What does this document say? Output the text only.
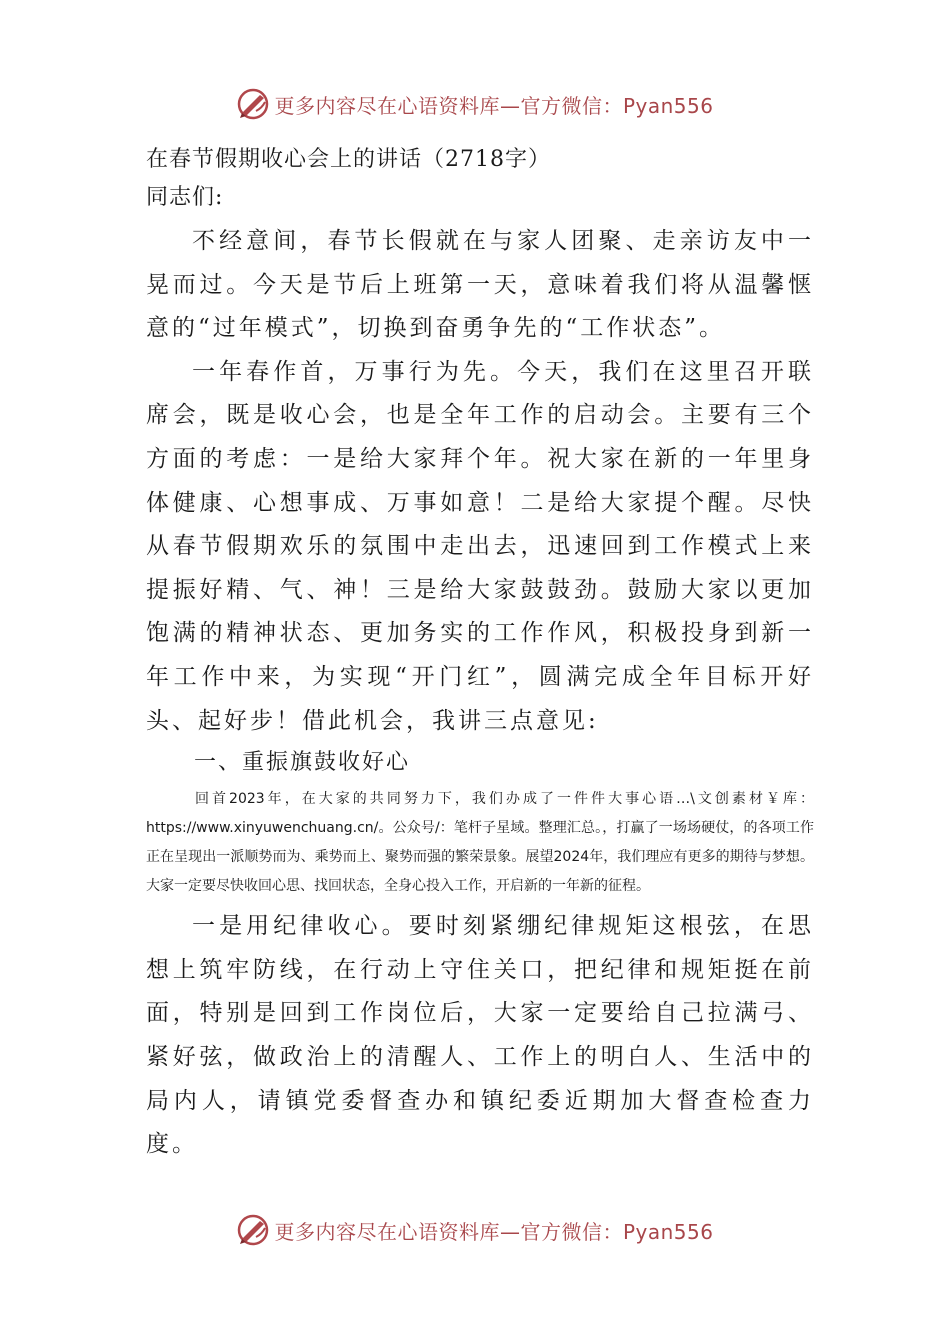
更多内容尽在心语资料库—官方微信：Pyan556
在春节假期收心会上的讲话（2718字）
同志们:

不经意间，春节长假就在与家人团聚、走亲访友中一晃而过。今天是节后上班第一天，意味着我们将从温馨惬意的“过年模式”，切换到奋勇争先的“工作状态”。

一年春作首，万事行为先。今天，我们在这里召开联席会，既是收心会，也是全年工作的启动会。主要有三个方面的考虑：一是给大家拜个年。祝大家在新的一年里身体健康、心想事成、万事如意！二是给大家提个醒。尽快从春节假期欢乐的氛围中走出去，迅速回到工作模式上来提振好精、气、神！三是给大家鼓鼓劲。鼓励大家以更加饱满的精神状态、更加务实的工作作风，积极投身到新一年工作中来，为实现“开门红”，圆满完成全年目标开好头、起好步！借此机会，我讲三点意见:

一、重振旗鼓收好心

回首2023年，在大家的共同努力下，我们办成了一件件大事心语…\文创素材￥库：https://www.xinyuwenchuang.cn/。公众号/：笔杆子星域。整理汇总。，打赢了一场场硬仗，的各项工作正在呈现出一派顺势而为、乘势而上、聚势而强的繁荣景象。展望2024年，我们理应有更多的期待与梦想。大家一定要尽快收回心思、找回状态，全身心投入工作，开启新的一年新的征程。

一是用纪律收心。要时刻紧绷纪律规矩这根弦，在思想上筑牢防线，在行动上守住关口，把纪律和规矩挺在前面，特别是回到工作岗位后，大家一定要给自己拉满弓、紧好弦，做政治上的清醒人、工作上的明白人、生活中的局内人，请镇党委督查办和镇纪委近期加大督查检查力度。

更多内容尽在心语资料库—官方微信：Pyan556
